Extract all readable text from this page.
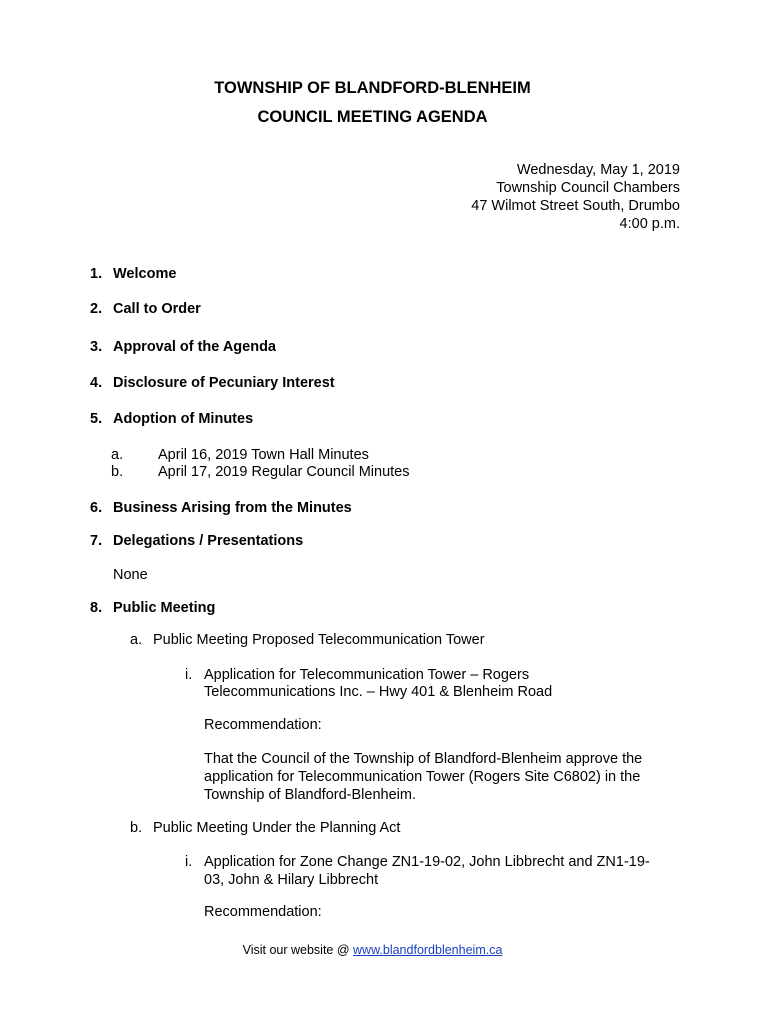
TOWNSHIP OF BLANDFORD-BLENHEIM
COUNCIL MEETING AGENDA
Wednesday, May 1, 2019
Township Council Chambers
47 Wilmot Street South, Drumbo
4:00 p.m.
1. Welcome
2. Call to Order
3. Approval of the Agenda
4. Disclosure of Pecuniary Interest
5. Adoption of Minutes
a. April 16, 2019 Town Hall Minutes
b. April 17, 2019 Regular Council Minutes
6. Business Arising from the Minutes
7. Delegations / Presentations
None
8. Public Meeting
a. Public Meeting Proposed Telecommunication Tower
i. Application for Telecommunication Tower – Rogers
Telecommunications Inc. – Hwy 401 & Blenheim Road
Recommendation:
That the Council of the Township of Blandford-Blenheim approve the
application for Telecommunication Tower (Rogers Site C6802) in the
Township of Blandford-Blenheim.
b. Public Meeting Under the Planning Act
i. Application for Zone Change ZN1-19-02, John Libbrecht and ZN1-19-
03, John & Hilary Libbrecht
Recommendation:
Visit our website @ www.blandfordblenheim.ca
